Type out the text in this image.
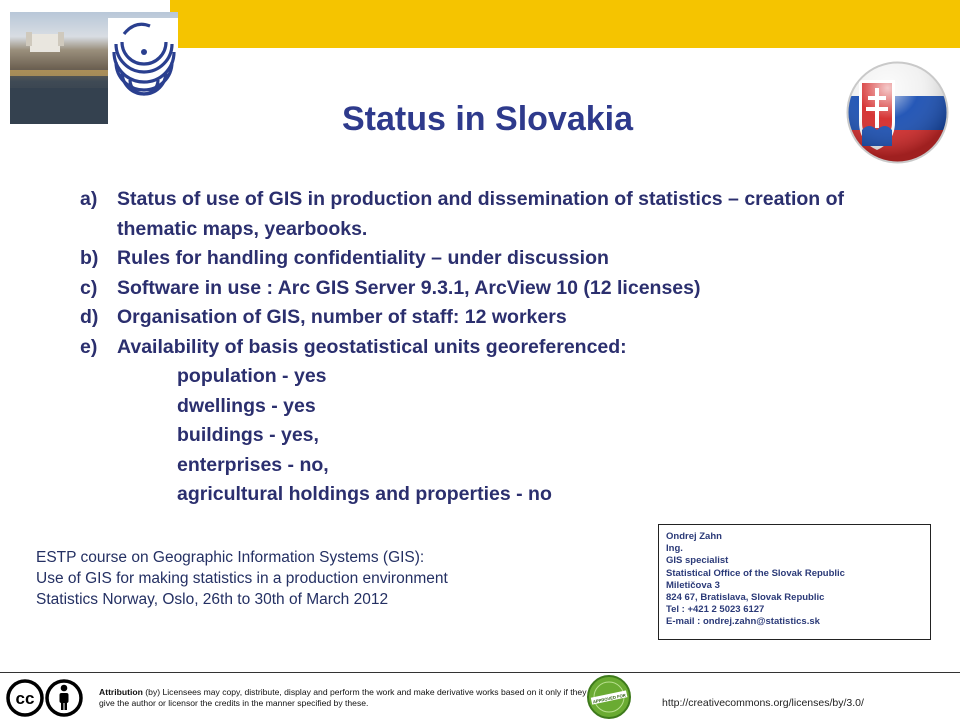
Status in Slovakia
a)	Status of use of GIS in production and dissemination of statistics – creation of thematic maps, yearbooks.
b) Rules for handling confidentiality – under discussion
c)	Software in use : Arc GIS Server 9.3.1, ArcView 10 (12 licenses)
d) Organisation of GIS, number of staff: 12 workers
e)	Availability of basis geostatistical units georeferenced:
population - yes
dwellings - yes
buildings - yes,
enterprises - no,
agricultural holdings and properties - no
ESTP course on Geographic Information Systems (GIS):
Use of GIS for making statistics in a production environment
Statistics Norway, Oslo, 26th to 30th of March 2012
Ondrej Zahn
Ing.
GIS specialist
Statistical Office of the Slovak Republic
Miletičova 3
824 67, Bratislava, Slovak Republic
Tel : +421 2 5023 6127
E-mail : ondrej.zahn@statistics.sk
cc	Attribution (by) Licensees may copy, distribute, display and perform the work and make derivative works based on it only if they give the author or licensor the credits in the manner specified by these.	APPROVED FOR	http://creativecommons.org/licenses/by/3.0/
